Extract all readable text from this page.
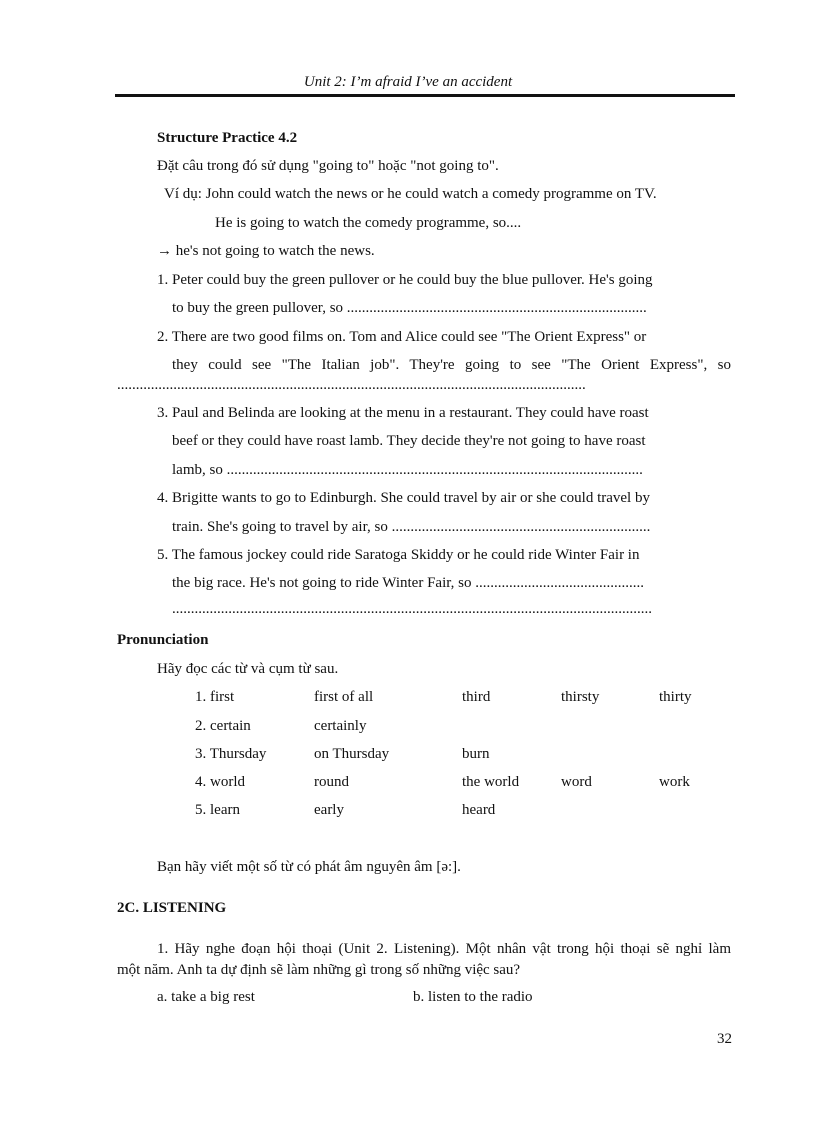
Unit 2: I’m afraid I’ve an accident
Structure Practice 4.2
Đặt câu trong đó sử dụng "going to" hoặc "not going to".
Ví dụ: John could watch the news or he could watch a comedy programme on TV.
He is going to watch the comedy programme, so....
→ he's not going to watch the news.
1. Peter could buy the green pullover or he could buy the blue pullover. He's going
to buy the green pullover, so ................................................................................
2. There are two good films on. Tom and Alice could see "The Orient Express" or
they could see "The Italian job". They're going to see "The Orient Express", so
.............................................................................................................................
3. Paul and Belinda are looking at the menu in a restaurant. They could have roast
beef or they could have roast lamb. They decide they're not going to have roast
lamb, so ...............................................................................................................
4. Brigitte wants to go to Edinburgh. She could travel by air or she could travel by
train. She's going to travel by air, so .....................................................................
5. The famous jockey could ride Saratoga Skiddy or he could ride Winter Fair in
the big race. He's not going to ride Winter Fair, so .............................................
................................................................................................................................
Pronunciation
Hãy đọc các từ và cụm từ sau.
1. first	first of all	third	thirsty	thirty
2. certain	certainly
3. Thursday	on Thursday	burn
4. world	round	the world	word	work
5. learn	early	heard
Bạn hãy viết một số từ có phát âm nguyên âm [ə:].
2C. LISTENING
1. Hãy nghe đoạn hội thoại (Unit 2. Listening). Một nhân vật trong hội thoại sẽ nghỉ làm
một năm. Anh ta dự định sẽ làm những gì trong số những việc sau?
a. take a big rest	b. listen to the radio
32
